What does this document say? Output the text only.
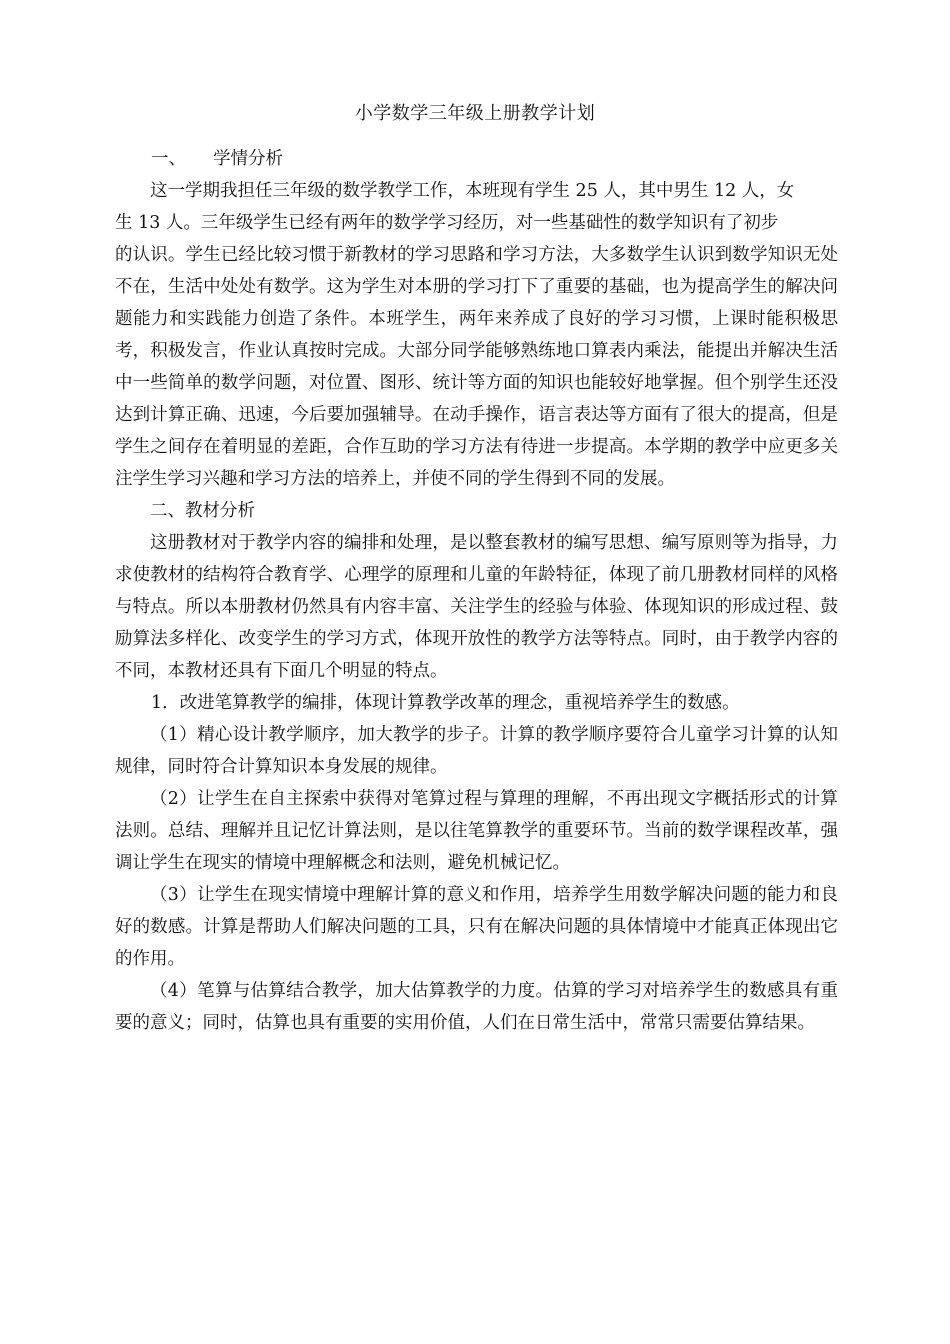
小学数学三年级上册教学计划

一、 学情分析

这一学期我担任三年级的数学教学工作，本班现有学生 25 人，其中男生 12 人，女

生 13 人。三年级学生已经有两年的数学学习经历，对一些基础性的数学知识有了初步

的认识。学生已经比较习惯于新教材的学习思路和学习方法，大多数学生认识到数学知识无处不在，生活中处处有数学。这为学生对本册的学习打下了重要的基础，也为提高学生的解决问题能力和实践能力创造了条件。本班学生，两年来养成了良好的学习习惯，上课时能积极思考，积极发言，作业认真按时完成。大部分同学能够熟练地口算表内乘法，能提出并解决生活中一些简单的数学问题，对位置、图形、统计等方面的知识也能较好地掌握。但个别学生还没达到计算正确、迅速，今后要加强辅导。在动手操作，语言表达等方面有了很大的提高，但是学生之间存在着明显的差距，合作互助的学习方法有待进一步提高。本学期的教学中应更多关注学生学习兴趣和学习方法的培养上，并使不同的学生得到不同的发展。

二、教材分析

这册教材对于教学内容的编排和处理，是以整套教材的编写思想、编写原则等为指导，力求使教材的结构符合教育学、心理学的原理和儿童的年龄特征，体现了前几册教材同样的风格与特点。所以本册教材仍然具有内容丰富、关注学生的经验与体验、体现知识的形成过程、鼓励算法多样化、改变学生的学习方式，体现开放性的教学方法等特点。同时，由于教学内容的不同，本教材还具有下面几个明显的特点。

1．改进笔算教学的编排，体现计算教学改革的理念，重视培养学生的数感。

（1）精心设计教学顺序，加大教学的步子。计算的教学顺序要符合儿童学习计算的认知规律，同时符合计算知识本身发展的规律。

（2）让学生在自主探索中获得对笔算过程与算理的理解，不再出现文字概括形式的计算法则。总结、理解并且记忆计算法则，是以往笔算教学的重要环节。当前的数学课程改革，强调让学生在现实的情境中理解概念和法则，避免机械记忆。

（3）让学生在现实情境中理解计算的意义和作用，培养学生用数学解决问题的能力和良好的数感。计算是帮助人们解决问题的工具，只有在解决问题的具体情境中才能真正体现出它的作用。

（4）笔算与估算结合教学，加大估算教学的力度。估算的学习对培养学生的数感具有重要的意义；同时，估算也具有重要的实用价值，人们在日常生活中，常常只需要估算结果。
